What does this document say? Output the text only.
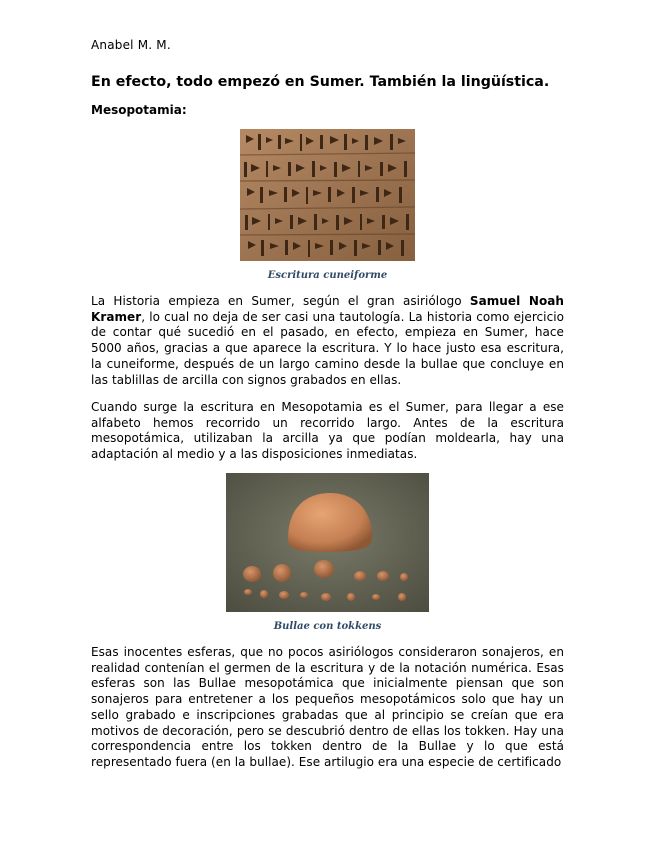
Anabel M. M.
En efecto, todo empezó en Sumer. También la lingüística.
Mesopotamia:
Escritura cuneiforme

La Historia empieza en Sumer, según el gran asiriólogo Samuel Noah Kramer, lo cual no deja de ser casi una tautología. La historia como ejercicio de contar qué sucedió en el pasado, en efecto, empieza en Sumer, hace 5000 años, gracias a que aparece la escritura. Y lo hace justo esa escritura, la cuneiforme, después de un largo camino desde la bullae que concluye en las tablillas de arcilla con signos grabados en ellas.

Cuando surge la escritura en Mesopotamia es el Sumer, para llegar a ese alfabeto hemos recorrido un recorrido largo. Antes de la escritura mesopotámica, utilizaban la arcilla ya que podían moldearla, hay una adaptación al medio y a las disposiciones inmediatas.

Bullae con tokkens

Esas inocentes esferas, que no pocos asiriólogos consideraron sonajeros, en realidad contenían el germen de la escritura y de la notación numérica. Esas esferas son las Bullae mesopotámica que inicialmente piensan que son sonajeros para entretener a los pequeños mesopotámicos solo que hay un sello grabado e inscripciones grabadas que al principio se creían que era motivos de decoración, pero se descubrió dentro de ellas los tokken. Hay una correspondencia entre los tokken dentro de la Bullae y lo que está representado fuera (en la bullae). Ese artilugio era una especie de certificado
